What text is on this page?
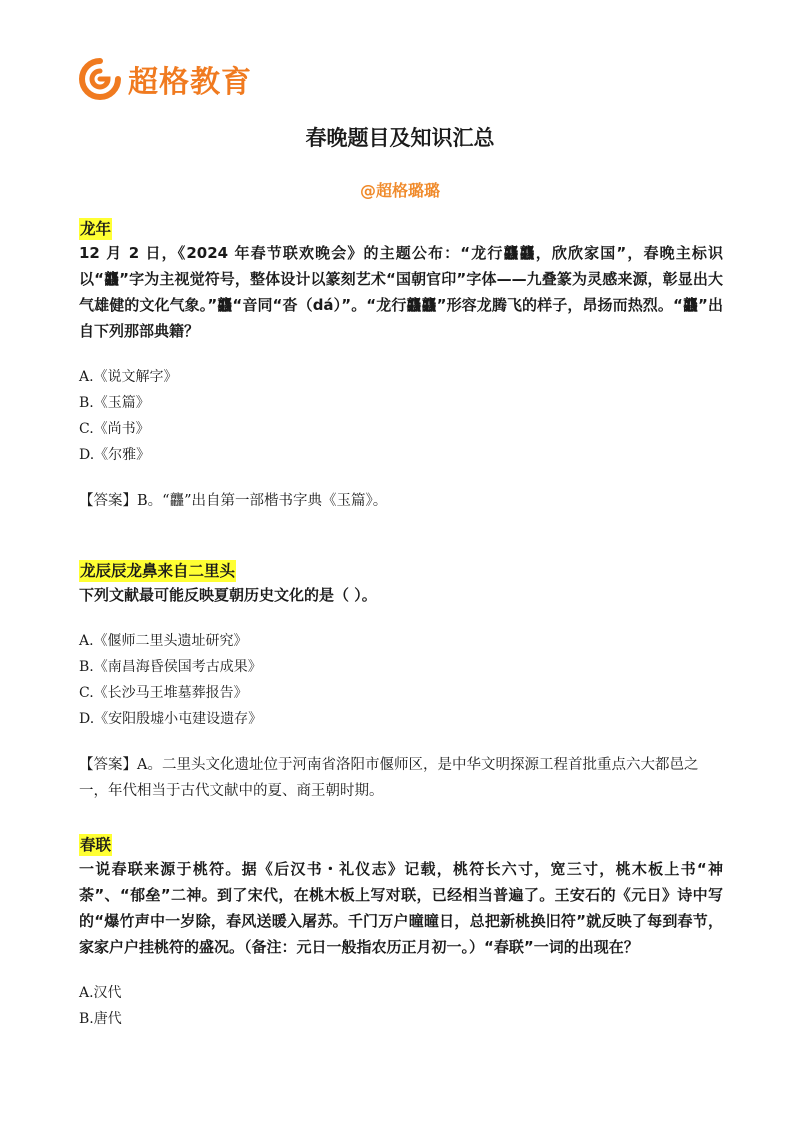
超格教育
春晚题目及知识汇总
@超格璐璐
龙年

12 月 2 日，《2024 年春节联欢晚会》的主题公布：“龙行龘龘，欣欣家国”，春晚主标识以“龘”字为主视觉符号，整体设计以篆刻艺术“国朝官印”字体——九叠篆为灵感来源，彰显出大气雄健的文化气象。”龘“音同“沓（dá）”。“龙行龘龘”形容龙腾飞的样子，昂扬而热烈。“龘”出自下列那部典籍？

A.《说文解字》
B.《玉篇》
C.《尚书》
D.《尔雅》
【答案】B。“龘”出自第一部楷书字典《玉篇》。
龙辰辰龙鼻来自二里头

下列文献最可能反映夏朝历史文化的是（ ）。

A.《偃师二里头遗址研究》
B.《南昌海昏侯国考古成果》
C.《长沙马王堆墓葬报告》
D.《安阳殷墟小屯建设遗存》
【答案】A。二里头文化遗址位于河南省洛阳市偃师区，是中华文明探源工程首批重点六大都邑之一，年代相当于古代文献中的夏、商王朝时期。
春联

一说春联来源于桃符。据《后汉书・礼仪志》记载，桃符长六寸，宽三寸，桃木板上书“神荼”、“郁垒”二神。到了宋代，在桃木板上写对联，已经相当普遍了。王安石的《元日》诗中写的“爆竹声中一岁除，春风送暖入屠苏。千门万户曈曈日，总把新桃换旧符”就反映了每到春节，家家户户挂桃符的盛况。（备注：元日一般指农历正月初一。）“春联”一词的出现在？

A.汉代
B.唐代
